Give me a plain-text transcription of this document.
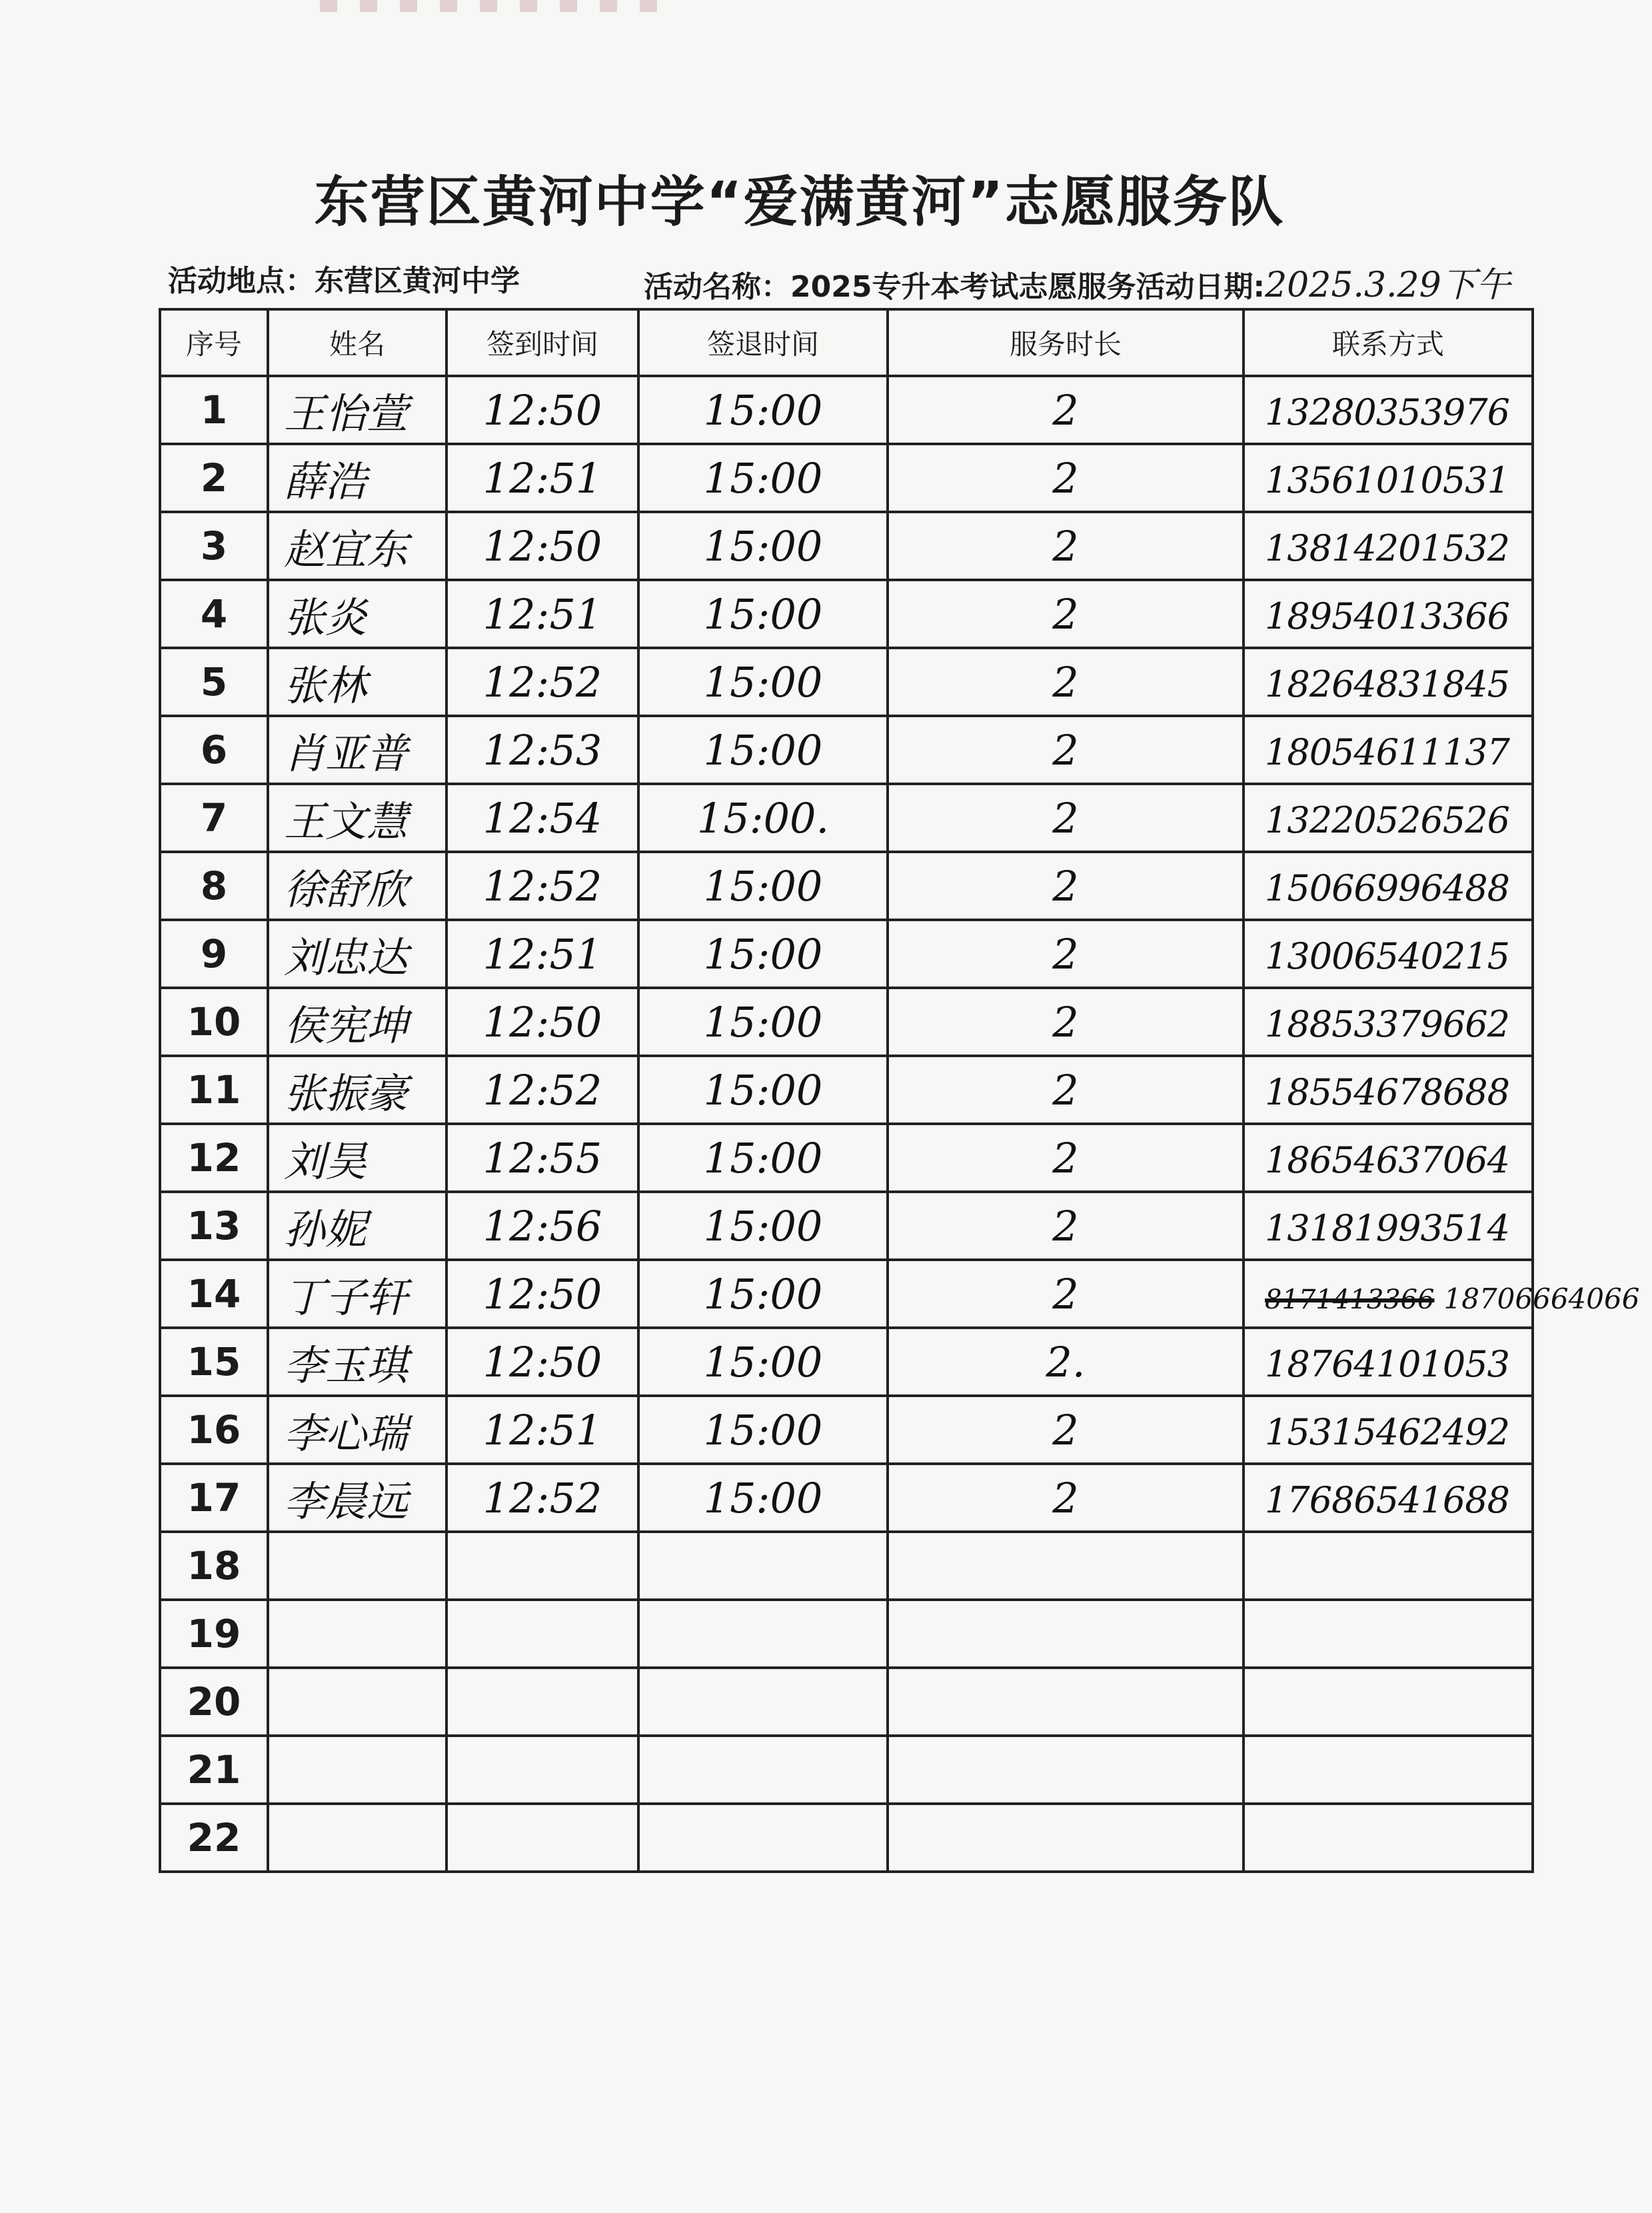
东营区黄河中学“爱满黄河”志愿服务队
活动地点：东营区黄河中学	活动名称：2025专升本考试志愿服务活动日期:2025.3.29下午
序号	姓名	签到时间	签退时间	服务时长	联系方式
1	王怡萱	12:50	15:00	2	13280353976
2	薛浩	12:51	15:00	2	13561010531
3	赵宜东	12:50	15:00	2	13814201532
4	张炎	12:51	15:00	2	18954013366
5	张林	12:52	15:00	2	18264831845
6	肖亚普	12:53	15:00	2	18054611137
7	王文慧	12:54	15:00.	2	13220526526
8	徐舒欣	12:52	15:00	2	15066996488
9	刘忠达	12:51	15:00	2	13006540215
10	侯宪坤	12:50	15:00	2	18853379662
11	张振豪	12:52	15:00	2	18554678688
12	刘昊	12:55	15:00	2	18654637064
13	孙妮	12:56	15:00	2	13181993514
14	丁子轩	12:50	15:00	2	8171413366 18706664066
15	李玉琪	12:50	15:00	2.	18764101053
16	李心瑞	12:51	15:00	2	15315462492
17	李晨远	12:52	15:00	2	17686541688
18					
19					
20					
21					
22					
